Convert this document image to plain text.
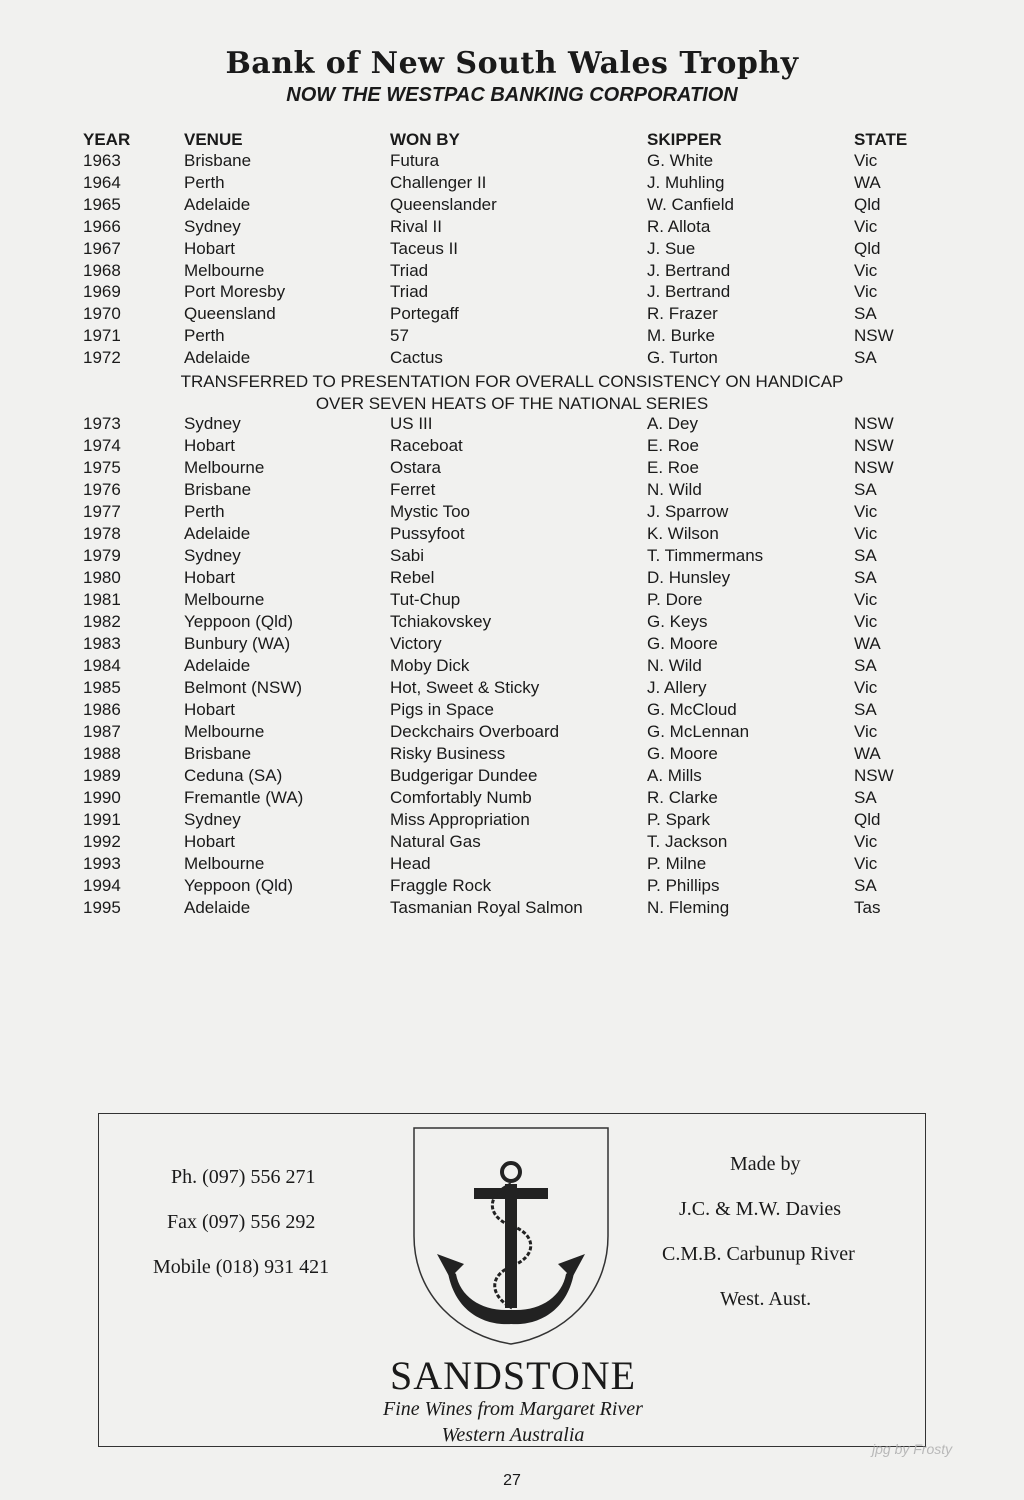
Bank of New South Wales Trophy
NOW THE WESTPAC BANKING CORPORATION
YEAR	VENUE	WON BY	SKIPPER	STATE
1963	Brisbane	Futura	G. White	Vic
1964	Perth	Challenger II	J. Muhling	WA
1965	Adelaide	Queenslander	W. Canfield	Qld
1966	Sydney	Rival II	R. Allota	Vic
1967	Hobart	Taceus II	J. Sue	Qld
1968	Melbourne	Triad	J. Bertrand	Vic
1969	Port Moresby	Triad	J. Bertrand	Vic
1970	Queensland	Portegaff	R. Frazer	SA
1971	Perth	57	M. Burke	NSW
1972	Adelaide	Cactus	G. Turton	SA
TRANSFERRED TO PRESENTATION FOR OVERALL CONSISTENCY ON HANDICAP
OVER SEVEN HEATS OF THE NATIONAL SERIES
1973	Sydney	US III	A. Dey	NSW
1974	Hobart	Raceboat	E. Roe	NSW
1975	Melbourne	Ostara	E. Roe	NSW
1976	Brisbane	Ferret	N. Wild	SA
1977	Perth	Mystic Too	J. Sparrow	Vic
1978	Adelaide	Pussyfoot	K. Wilson	Vic
1979	Sydney	Sabi	T. Timmermans	SA
1980	Hobart	Rebel	D. Hunsley	SA
1981	Melbourne	Tut-Chup	P. Dore	Vic
1982	Yeppoon (Qld)	Tchiakovskey	G. Keys	Vic
1983	Bunbury (WA)	Victory	G. Moore	WA
1984	Adelaide	Moby Dick	N. Wild	SA
1985	Belmont (NSW)	Hot, Sweet & Sticky	J. Allery	Vic
1986	Hobart	Pigs in Space	G. McCloud	SA
1987	Melbourne	Deckchairs Overboard	G. McLennan	Vic
1988	Brisbane	Risky Business	G. Moore	WA
1989	Ceduna (SA)	Budgerigar Dundee	A. Mills	NSW
1990	Fremantle (WA)	Comfortably Numb	R. Clarke	SA
1991	Sydney	Miss Appropriation	P. Spark	Qld
1992	Hobart	Natural Gas	T. Jackson	Vic
1993	Melbourne	Head	P. Milne	Vic
1994	Yeppoon (Qld)	Fraggle Rock	P. Phillips	SA
1995	Adelaide	Tasmanian Royal Salmon	N. Fleming	Tas
Ph. (097) 556 271
Fax (097) 556 292
Mobile (018) 931 421
Made by
J.C. & M.W. Davies
C.M.B. Carbunup River
West. Aust.
SANDSTONE
Fine Wines from Margaret River
Western Australia
27
jpg by Frosty
